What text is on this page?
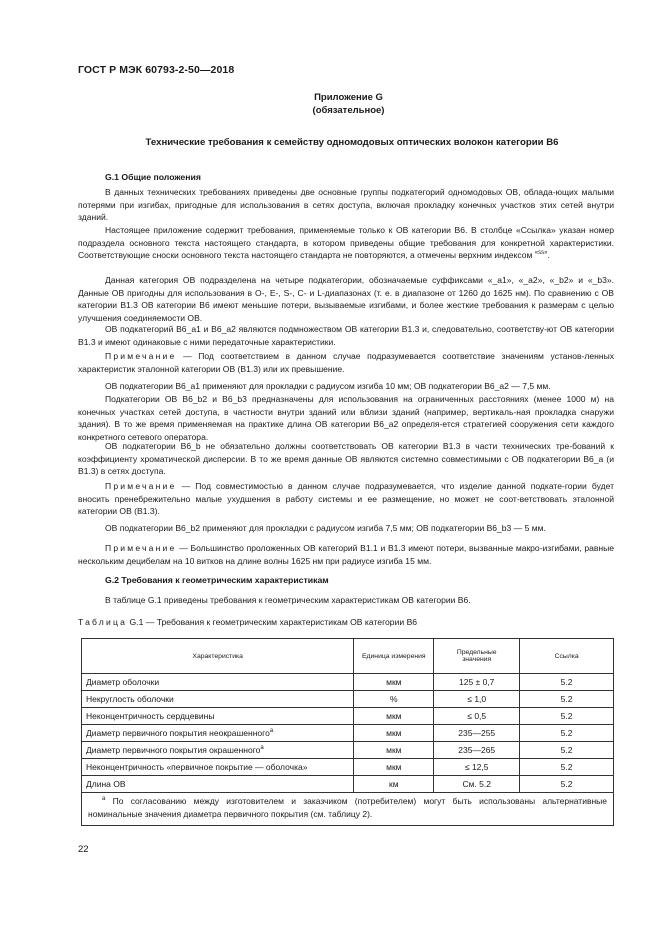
ГОСТ Р МЭК 60793-2-50—2018
Приложение G
(обязательное)
Технические требования к семейству одномодовых оптических волокон категории В6
G.1 Общие положения

В данных технических требованиях приведены две основные группы подкатегорий одномодовых ОВ, облада-ющих малыми потерями при изгибах, пригодные для использования в сетях доступа, включая прокладку конечных участков этих сетей внутри зданий.

Настоящее приложение содержит требования, применяемые только к ОВ категории В6. В столбце «Ссылка» указан номер подраздела основного текста настоящего стандарта, в котором приведены общие требования для конкретной характеристики. Соответствующие сноски основного текста настоящего стандарта не повторяются, а отмечены верхним индексом $^{«ss»}$.

Данная категория ОВ подразделена на четыре подкатегории, обозначаемые суффиксами «_a1», «_a2», «_b2» и «_b3». Данные ОВ пригодны для использования в О-, Е-, S-, С- и L-диапазонах (т. е. в диапазоне от 1260 до 1625 нм). По сравнению с ОВ категории В1.3 ОВ категории В6 имеют меньшие потери, вызываемые изгибами, и более жесткие требования к размерам с целью улучшения соединяемости ОВ.

ОВ подкатегорий В6_a1 и В6_a2 являются подмножеством ОВ категории В1.3 и, следовательно, соответству-ют ОВ категории В1.3 и имеют одинаковые с ними передаточные характеристики.

Примечание — Под соответствием в данном случае подразумевается соответствие значениям установ-ленных характеристик эталонной категории ОВ (В1.3) или их превышение.

ОВ подкатегории В6_a1 применяют для прокладки с радиусом изгиба 10 мм; ОВ подкатегории В6_a2 — 7,5 мм.

Подкатегории ОВ В6_b2 и В6_b3 предназначены для использования на ограниченных расстояниях (менее 1000 м) на конечных участках сетей доступа, в частности внутри зданий или вблизи зданий (например, вертикаль-ная прокладка снаружи здания). В то же время применяемая на практике длина ОВ категории В6_a2 определя-ется стратегией сооружения сети каждого конкретного сетевого оператора.

ОВ подкатегории В6_b не обязательно должны соответствовать ОВ категории В1.3 в части технических тре-бований к коэффициенту хроматической дисперсии. В то же время данные ОВ являются системно совместимыми с ОВ подкатегории В6_a (и В1.3) в сетях доступа.

Примечание — Под совместимостью в данном случае подразумевается, что изделие данной подкате-гории будет вносить пренебрежительно малые ухудшения в работу системы и ее размещение, но может не соот-ветствовать эталонной категории ОВ (В1.3).

ОВ подкатегории В6_b2 применяют для прокладки с радиусом изгиба 7,5 мм; ОВ подкатегории В6_b3 — 5 мм.

Примечание — Большинство проложенных ОВ категорий В1.1 и В1.3 имеют потери, вызванные макро-изгибами, равные нескольким децибелам на 10 витков на длине волны 1625 нм при радиусе изгиба 15 мм.

G.2 Требования к геометрическим характеристикам

В таблице G.1 приведены требования к геометрическим характеристикам ОВ категории В6.

Таблица G.1 — Требования к геометрическим характеристикам ОВ категории В6
Характеристика	Единица измерения	Предельные значения	Ссылка
Диаметр оболочки	мкм	125 ± 0,7	5.2
Некруглость оболочки	%	≤ 1,0	5.2
Неконцентричность сердцевины	мкм	≤ 0,5	5.2
Диаметр первичного покрытия неокрашенного$^a$	мкм	235—255	5.2
Диаметр первичного покрытия окрашенного$^a$	мкм	235—265	5.2
Неконцентричность «первичное покрытие — оболочка»	мкм	≤ 12,5	5.2
Длина ОВ	км	См. 5.2	5.2
$^a$ По согласованию между изготовителем и заказчиком (потребителем) могут быть использованы альтернативные номинальные значения диаметра первичного покрытия (см. таблицу 2).			
22
